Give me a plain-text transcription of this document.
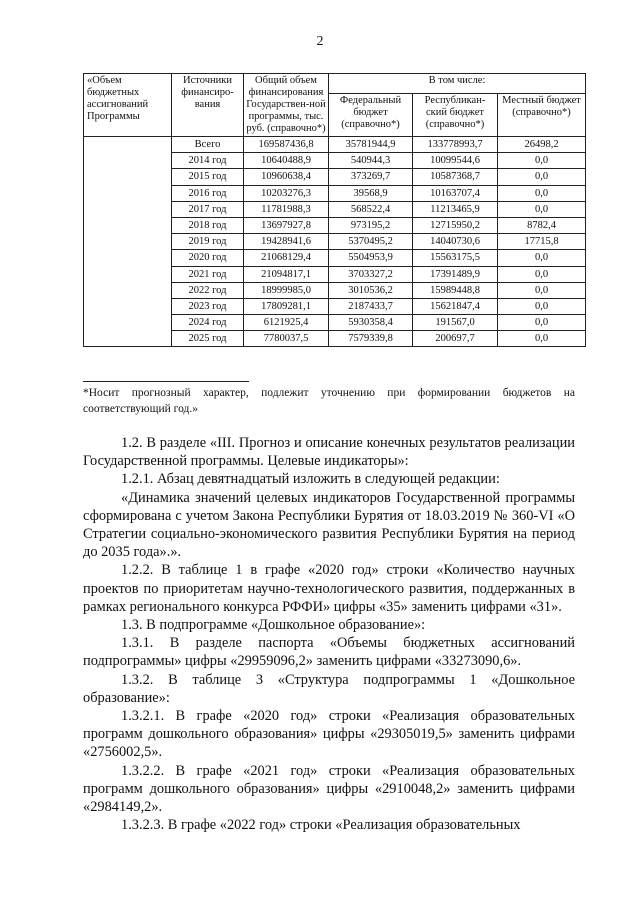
2
«Объем бюджетных ассигнований Программы	Источники финансиро-вания	Общий объем финансирования Государствен-ной программы, тыс. руб. (справочно*)	В том числе:		
			Федеральный бюджет (справочно*)	Республикан-ский бюджет (справочно*)	Местный бюджет (справочно*)
	Всего	169587436,8	35781944,9	133778993,7	26498,2
	2014 год	10640488,9	540944,3	10099544,6	0,0
	2015 год	10960638,4	373269,7	10587368,7	0,0
	2016 год	10203276,3	39568,9	10163707,4	0,0
	2017 год	11781988,3	568522,4	11213465,9	0,0
	2018 год	13697927,8	973195,2	12715950,2	8782,4
	2019 год	19428941,6	5370495,2	14040730,6	17715,8
	2020 год	21068129,4	5504953,9	15563175,5	0,0
	2021 год	21094817,1	3703327,2	17391489,9	0,0
	2022 год	18999985,0	3010536,2	15989448,8	0,0
	2023 год	17809281,1	2187433,7	15621847,4	0,0
	2024 год	6121925,4	5930358,4	191567,0	0,0
	2025 год	7780037,5	7579339,8	200697,7	0,0
*Носит прогнозный характер, подлежит уточнению при формировании бюджетов на соответствующий год.»

1.2. В разделе «III. Прогноз и описание конечных результатов реализации Государственной программы. Целевые индикаторы»:

1.2.1. Абзац девятнадцатый изложить в следующей редакции:

«Динамика значений целевых индикаторов Государственной программы сформирована с учетом Закона Республики Бурятия от 18.03.2019 № 360-VI «О Стратегии социально-экономического развития Республики Бурятия на период до 2035 года».».

1.2.2. В таблице 1 в графе «2020 год» строки «Количество научных проектов по приоритетам научно-технологического развития, поддержанных в рамках регионального конкурса РФФИ» цифры «35» заменить цифрами «31».

1.3. В подпрограмме «Дошкольное образование»:

1.3.1. В разделе паспорта «Объемы бюджетных ассигнований подпрограммы» цифры «29959096,2» заменить цифрами «33273090,6».

1.3.2. В таблице 3 «Структура подпрограммы 1 «Дошкольное образование»:

1.3.2.1. В графе «2020 год» строки «Реализация образовательных программ дошкольного образования» цифры «29305019,5» заменить цифрами «2756002,5».

1.3.2.2. В графе «2021 год» строки «Реализация образовательных программ дошкольного образования» цифры «2910048,2» заменить цифрами «2984149,2».

1.3.2.3. В графе «2022 год» строки «Реализация образовательных
